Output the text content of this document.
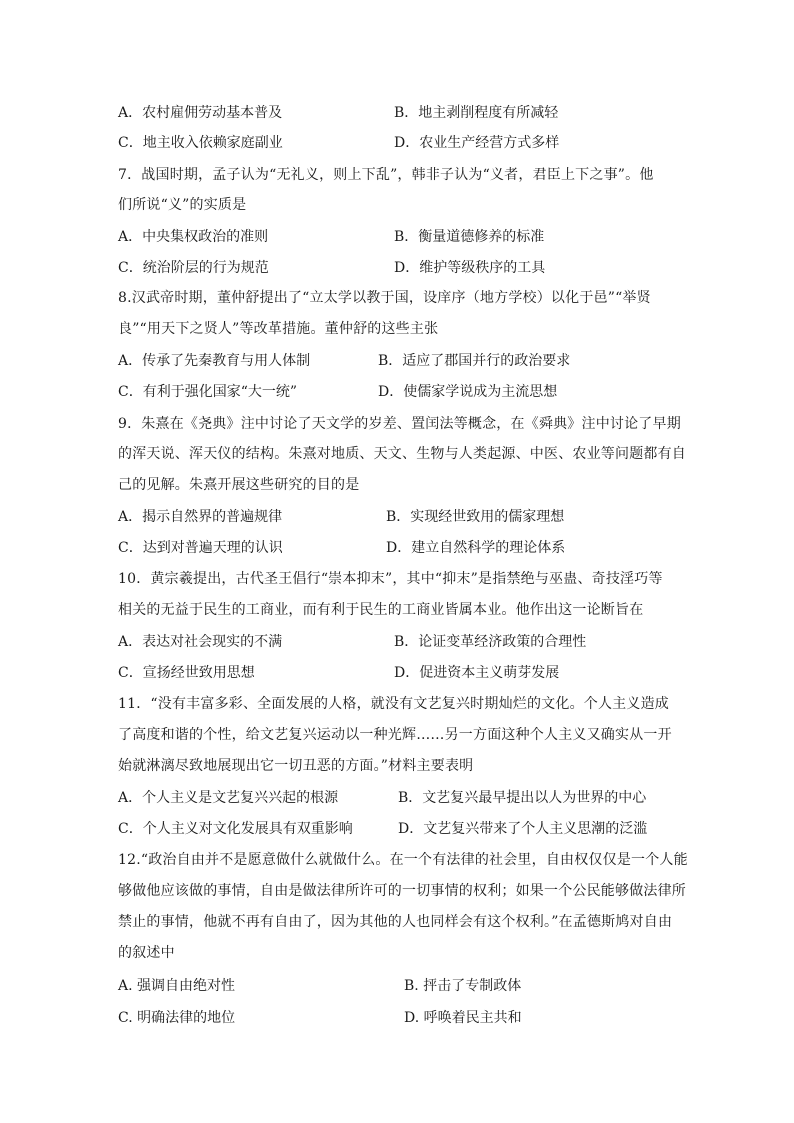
A．农村雇佣劳动基本普及	B．地主剥削程度有所减轻
C．地主收入依赖家庭副业	D．农业生产经营方式多样
7．战国时期，孟子认为“无礼义，则上下乱”，韩非子认为“义者，君臣上下之事”。他
们所说“义”的实质是
A．中央集权政治的准则	B．衡量道德修养的标准
C．统治阶层的行为规范	D．维护等级秩序的工具
8.汉武帝时期，董仲舒提出了“立太学以教于国，设庠序（地方学校）以化于邑”“举贤
良”“用天下之贤人”等改革措施。董仲舒的这些主张
A．传承了先秦教育与用人体制	B．适应了郡国并行的政治要求
C．有利于强化国家“大一统”	D．使儒家学说成为主流思想
9．朱熹在《尧典》注中讨论了天文学的岁差、置闰法等概念，在《舜典》注中讨论了早期
的浑天说、浑天仪的结构。朱熹对地质、天文、生物与人类起源、中医、农业等问题都有自
己的见解。朱熹开展这些研究的目的是
A．揭示自然界的普遍规律	B．实现经世致用的儒家理想
C．达到对普遍天理的认识	D．建立自然科学的理论体系
10．黄宗羲提出，古代圣王倡行“崇本抑末”，其中“抑末”是指禁绝与巫蛊、奇技淫巧等
相关的无益于民生的工商业，而有利于民生的工商业皆属本业。他作出这一论断旨在
A．表达对社会现实的不满	B．论证变革经济政策的合理性
C．宣扬经世致用思想	D．促进资本主义萌芽发展
11．“没有丰富多彩、全面发展的人格，就没有文艺复兴时期灿烂的文化。个人主义造成
了高度和谐的个性，给文艺复兴运动以一种光辉……另一方面这种个人主义又确实从一开
始就淋漓尽致地展现出它一切丑恶的方面。”材料主要表明
A．个人主义是文艺复兴兴起的根源	B．文艺复兴最早提出以人为世界的中心
C．个人主义对文化发展具有双重影响	D．文艺复兴带来了个人主义思潮的泛滥
12.“政治自由并不是愿意做什么就做什么。在一个有法律的社会里，自由权仅仅是一个人能
够做他应该做的事情，自由是做法律所许可的一切事情的权利；如果一个公民能够做法律所
禁止的事情，他就不再有自由了，因为其他的人也同样会有这个权利。”在孟德斯鸠对自由
的叙述中
A. 强调自由绝对性	B. 抨击了专制政体
C. 明确法律的地位	D. 呼唤着民主共和
